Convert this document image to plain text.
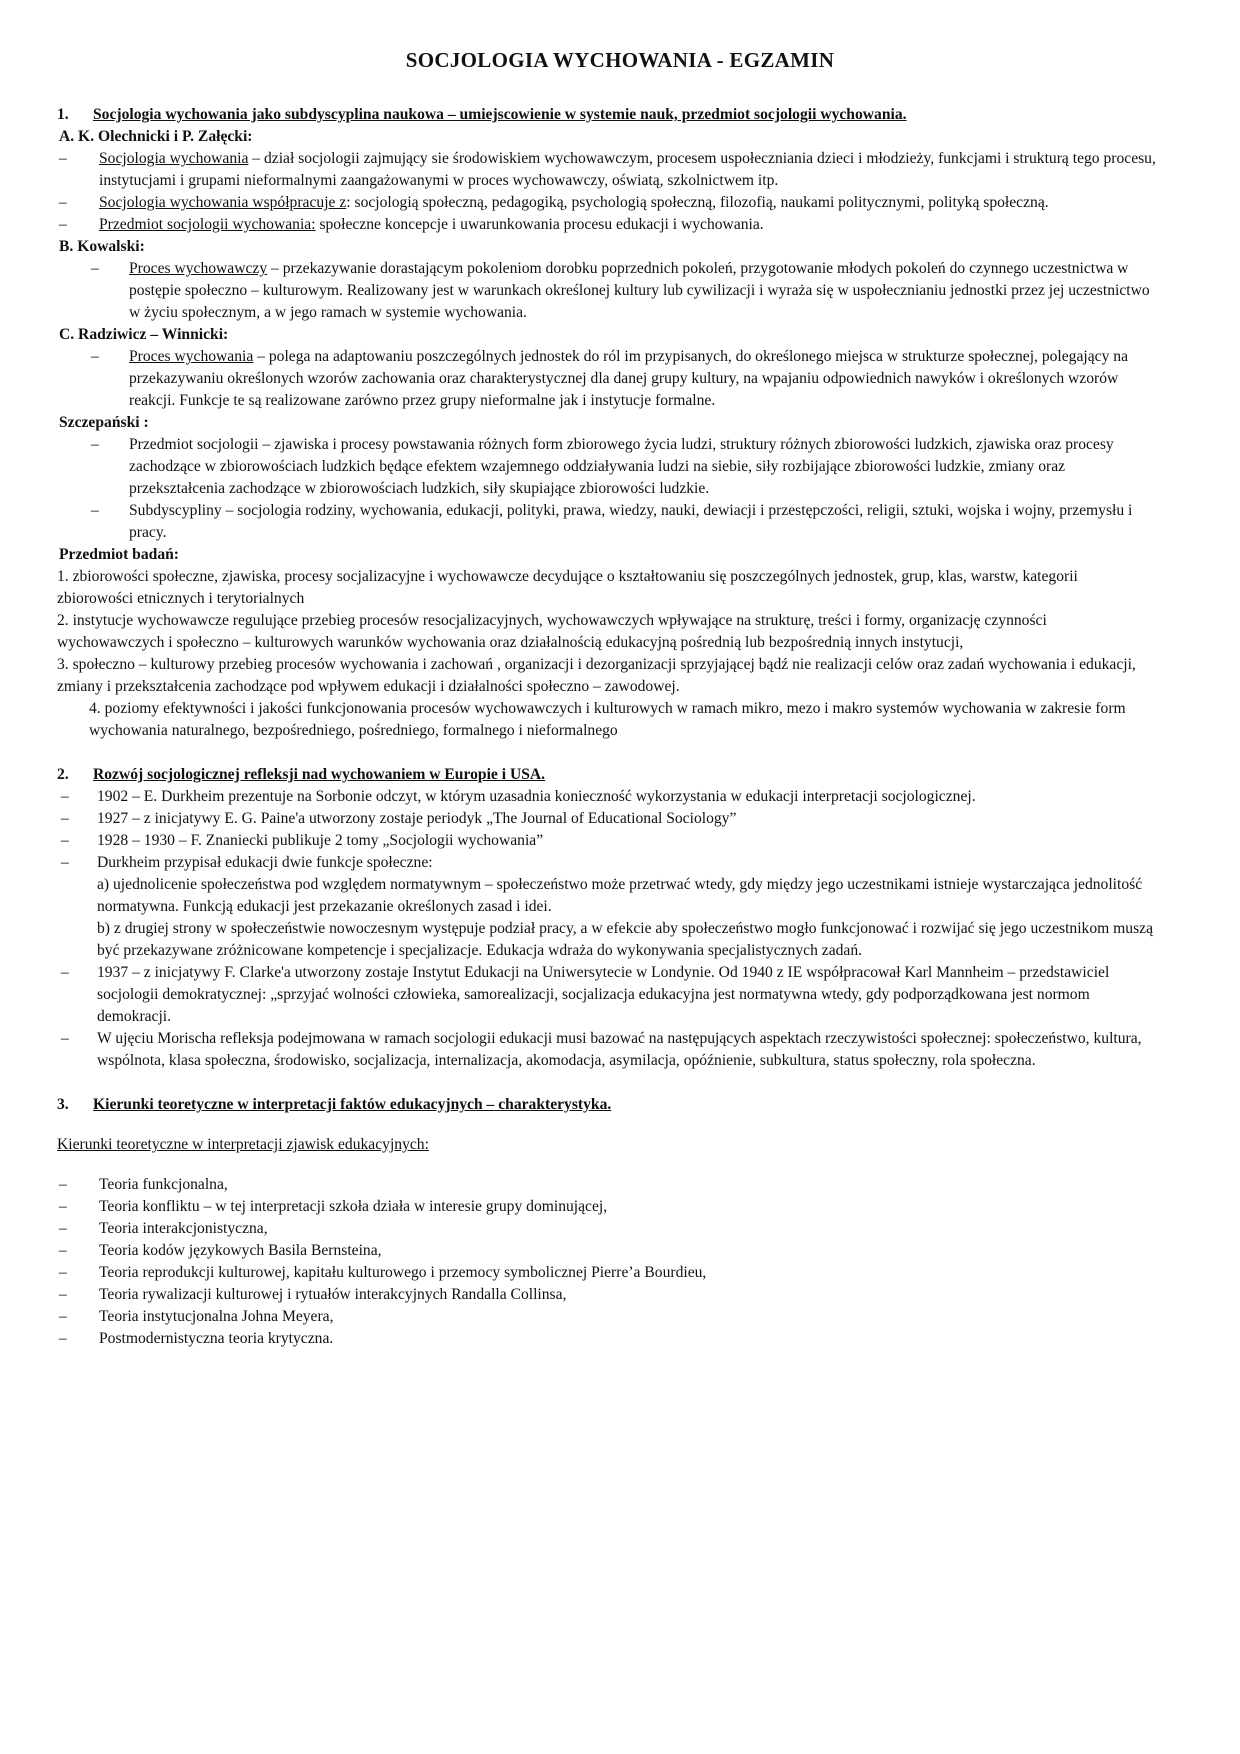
SOCJOLOGIA WYCHOWANIA - EGZAMIN
1.	Socjologia wychowania jako subdyscyplina naukowa – umiejscowienie w systemie nauk, przedmiot socjologii wychowania.
A. K. Olechnicki i P. Załęcki:
–	Socjologia wychowania – dział socjologii zajmujący sie środowiskiem wychowawczym, procesem uspołeczniania dzieci i młodzieży, funkcjami i strukturą tego procesu, instytucjami i grupami nieformalnymi zaangażowanymi w proces wychowawczy, oświatą, szkolnictwem itp.
–	Socjologia wychowania współpracuje z: socjologią społeczną, pedagogiką, psychologią społeczną, filozofią, naukami politycznymi, polityką społeczną.
–	Przedmiot socjologii wychowania: społeczne koncepcje i uwarunkowania procesu edukacji i wychowania.
B. Kowalski:
–	Proces wychowawczy – przekazywanie dorastającym pokoleniom dorobku poprzednich pokoleń, przygotowanie młodych pokoleń do czynnego uczestnictwa w postępie społeczno – kulturowym. Realizowany jest w warunkach określonej kultury lub cywilizacji i wyraża się w uspołecznianiu jednostki przez jej uczestnictwo w życiu społecznym, a w jego ramach w systemie wychowania.
C. Radziwicz – Winnicki:
–	Proces wychowania – polega na adaptowaniu poszczególnych jednostek do ról im przypisanych, do określonego miejsca w strukturze społecznej, polegający na przekazywaniu określonych wzorów zachowania oraz charakterystycznej dla danej grupy kultury, na wpajaniu odpowiednich nawyków i określonych wzorów reakcji. Funkcje te są realizowane zarówno przez grupy nieformalne jak i instytucje formalne.
Szczepański :
–	Przedmiot socjologii – zjawiska i procesy powstawania różnych form zbiorowego życia ludzi, struktury różnych zbiorowości ludzkich, zjawiska oraz procesy zachodzące w zbiorowościach ludzkich będące efektem wzajemnego oddziaływania ludzi na siebie, siły rozbijające zbiorowości ludzkie, zmiany oraz przekształcenia zachodzące w zbiorowościach ludzkich, siły skupiające zbiorowości ludzkie.
–	Subdyscypliny – socjologia rodziny, wychowania, edukacji, polityki, prawa, wiedzy, nauki, dewiacji i przestępczości, religii, sztuki, wojska i wojny, przemysłu i pracy.
Przedmiot badań:
1. zbiorowości społeczne, zjawiska, procesy socjalizacyjne i wychowawcze decydujące o kształtowaniu się poszczególnych jednostek, grup, klas, warstw, kategorii zbiorowości etnicznych i terytorialnych
2. instytucje wychowawcze regulujące przebieg procesów resocjalizacyjnych, wychowawczych wpływające na strukturę, treści i formy, organizację czynności wychowawczych i społeczno – kulturowych warunków wychowania oraz działalnością edukacyjną pośrednią lub bezpośrednią innych instytucji,
3. społeczno – kulturowy przebieg procesów wychowania i zachowań , organizacji i dezorganizacji sprzyjającej bądź nie realizacji celów oraz zadań wychowania i edukacji, zmiany i przekształcenia zachodzące pod wpływem edukacji i działalności społeczno – zawodowej.
4. poziomy efektywności i jakości funkcjonowania procesów wychowawczych i kulturowych w ramach mikro, mezo i makro systemów wychowania w zakresie form wychowania naturalnego, bezpośredniego, pośredniego, formalnego i nieformalnego
2.	Rozwój socjologicznej refleksji nad wychowaniem w Europie i USA.
–	1902 – E. Durkheim prezentuje na Sorbonie odczyt, w którym uzasadnia konieczność wykorzystania w edukacji interpretacji socjologicznej.
–	1927 – z inicjatywy E. G. Paine'a utworzony zostaje periodyk „The Journal of Educational Sociology”
–	1928 – 1930 – F. Znaniecki publikuje 2 tomy „Socjologii wychowania”
–	Durkheim przypisał edukacji dwie funkcje społeczne:
a) ujednolicenie społeczeństwa pod względem normatywnym – społeczeństwo może przetrwać wtedy, gdy między jego uczestnikami istnieje wystarczająca jednolitość normatywna. Funkcją edukacji jest przekazanie określonych zasad i idei.
b) z drugiej strony w społeczeństwie nowoczesnym występuje podział pracy, a w efekcie aby społeczeństwo mogło funkcjonować i rozwijać się jego uczestnikom muszą być przekazywane zróżnicowane kompetencje i specjalizacje. Edukacja wdraża do wykonywania specjalistycznych zadań.
–	1937 – z inicjatywy F. Clarke'a utworzony zostaje Instytut Edukacji na Uniwersytecie w Londynie. Od 1940 z IE współpracował Karl Mannheim – przedstawiciel socjologii demokratycznej: „sprzyjać wolności człowieka, samorealizacji, socjalizacja edukacyjna jest normatywna wtedy, gdy podporządkowana jest normom demokracji.
–	W ujęciu Morischa refleksja podejmowana w ramach socjologii edukacji musi bazować na następujących aspektach rzeczywistości społecznej: społeczeństwo, kultura, wspólnota, klasa społeczna, środowisko, socjalizacja, internalizacja, akomodacja, asymilacja, opóźnienie, subkultura, status społeczny, rola społeczna.
3.	Kierunki teoretyczne w interpretacji faktów edukacyjnych – charakterystyka.
Kierunki teoretyczne w interpretacji zjawisk edukacyjnych:
–	Teoria funkcjonalna,
–	Teoria konfliktu – w tej interpretacji szkoła działa w interesie grupy dominującej,
–	Teoria interakcjonistyczna,
–	Teoria kodów językowych Basila Bernsteina,
–	Teoria reprodukcji kulturowej, kapitału kulturowego i przemocy symbolicznej Pierre’a Bourdieu,
–	Teoria rywalizacji kulturowej i rytuałów interakcyjnych Randalla Collinsa,
–	Teoria instytucjonalna Johna Meyera,
–	Postmodernistyczna teoria krytyczna.
